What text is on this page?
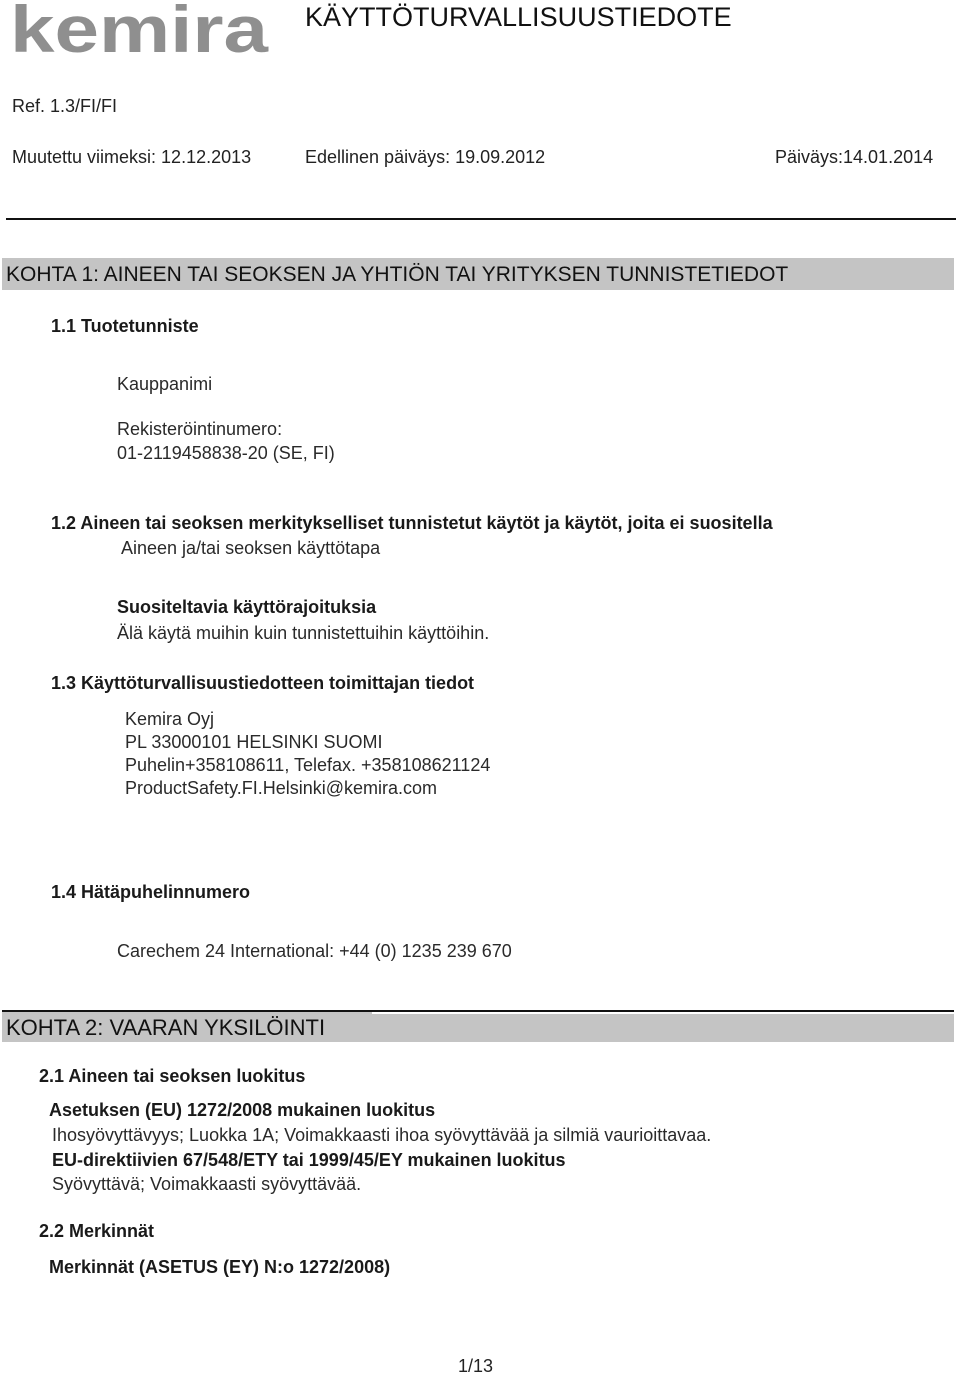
kemira KÄYTTÖTURVALLISUUSTIEDOTE
Ref. 1.3/FI/FI
Muutettu viimeksi: 12.12.2013	Edellinen päiväys: 19.09.2012	Päiväys:14.01.2014
KOHTA 1: AINEEN TAI SEOKSEN JA YHTIÖN TAI YRITYKSEN TUNNISTETIEDOT
1.1 Tuotetunniste
Kauppanimi
Rekisteröintinumero:
01-2119458838-20 (SE, FI)
1.2 Aineen tai seoksen merkitykselliset tunnistetut käytöt ja käytöt, joita ei suositella
Aineen ja/tai seoksen käyttötapa
Suositeltavia käyttörajoituksia
Älä käytä muihin kuin tunnistettuihin käyttöihin.
1.3 Käyttöturvallisuustiedotteen toimittajan tiedot
Kemira Oyj
PL 33000101 HELSINKI SUOMI
Puhelin+358108611, Telefax. +358108621124
ProductSafety.FI.Helsinki@kemira.com
1.4 Hätäpuhelinnumero
Carechem 24 International: +44 (0) 1235 239 670
KOHTA 2: VAARAN YKSILÖINTI
2.1 Aineen tai seoksen luokitus
Asetuksen (EU) 1272/2008 mukainen luokitus
Ihosyövyttävyys; Luokka 1A; Voimakkaasti ihoa syövyttävää ja silmiä vaurioittavaa.
EU-direktiivien 67/548/ETY tai 1999/45/EY mukainen luokitus
Syövyttävä; Voimakkaasti syövyttävää.
2.2 Merkinnät
Merkinnät (ASETUS (EY) N:o 1272/2008)
1/13
